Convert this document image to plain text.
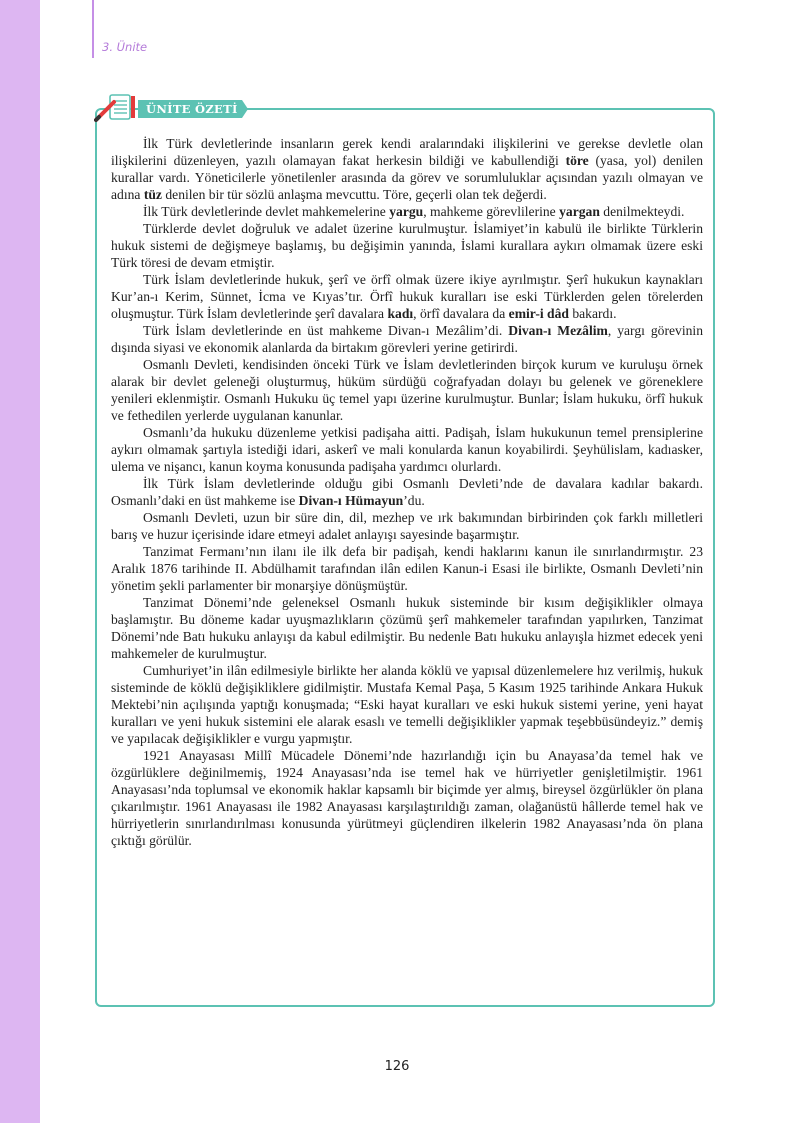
3. Ünite
ÜNİTE ÖZETİ

İlk Türk devletlerinde insanların gerek kendi aralarındaki ilişkilerini ve gerekse devletle olan ilişkilerini düzenleyen, yazılı olamayan fakat herkesin bildiği ve kabullendiği töre (yasa, yol) denilen kurallar vardı. Yöneticilerle yönetilenler arasında da görev ve sorumluluklar açısından yazılı olmayan ve adına tüz denilen bir tür sözlü anlaşma mevcuttu. Töre, geçerli olan tek değerdi.

İlk Türk devletlerinde devlet mahkemelerine yargu, mahkeme görevlilerine yargan denilmekteydi.

Türklerde devlet doğruluk ve adalet üzerine kurulmuştur. İslamiyet’in kabulü ile birlikte Türklerin hukuk sistemi de değişmeye başlamış, bu değişimin yanında, İslami kurallara aykırı olmamak üzere eski Türk töresi de devam etmiştir.

Türk İslam devletlerinde hukuk, şerî ve örfî olmak üzere ikiye ayrılmıştır. Şerî hukukun kaynakları Kur’an-ı Kerim, Sünnet, İcma ve Kıyas’tır. Örfî hukuk kuralları ise eski Türklerden gelen törelerden oluşmuştur. Türk İslam devletlerinde şerî davalara kadı, örfî davalara da emir-i dâd bakardı.

Türk İslam devletlerinde en üst mahkeme Divan-ı Mezâlim’di. Divan-ı Mezâlim, yargı görevinin dışında siyasi ve ekonomik alanlarda da birtakım görevleri yerine getirirdi.

Osmanlı Devleti, kendisinden önceki Türk ve İslam devletlerinden birçok kurum ve kuruluşu örnek alarak bir devlet geleneği oluşturmuş, hüküm sürdüğü coğrafyadan dolayı bu gelenek ve göreneklere yenileri eklenmiştir. Osmanlı Hukuku üç temel yapı üzerine kurulmuştur. Bunlar; İslam hukuku, örfî hukuk ve fethedilen yerlerde uygulanan kanunlar.

Osmanlı’da hukuku düzenleme yetkisi padişaha aitti. Padişah, İslam hukukunun temel prensiplerine aykırı olmamak şartıyla istediği idari, askerî ve mali konularda kanun koyabilirdi. Şeyhülislam, kadıasker, ulema ve nişancı, kanun koyma konusunda padişaha yardımcı olurlardı.

İlk Türk İslam devletlerinde olduğu gibi Osmanlı Devleti’nde de davalara kadılar bakardı. Osmanlı’daki en üst mahkeme ise Divan-ı Hümayun’du.

Osmanlı Devleti, uzun bir süre din, dil, mezhep ve ırk bakımından birbirinden çok farklı milletleri barış ve huzur içerisinde idare etmeyi adalet anlayışı sayesinde başarmıştır.

Tanzimat Fermanı’nın ilanı ile ilk defa bir padişah, kendi haklarını kanun ile sınırlandırmıştır. 23 Aralık 1876 tarihinde II. Abdülhamit tarafından ilân edilen Kanun-i Esasi ile birlikte, Osmanlı Devleti’nin yönetim şekli parlamenter bir monarşiye dönüşmüştür.

Tanzimat Dönemi’nde geleneksel Osmanlı hukuk sisteminde bir kısım değişiklikler olmaya başlamıştır. Bu döneme kadar uyuşmazlıkların çözümü şerî mahkemeler tarafından yapılırken, Tanzimat Dönemi’nde Batı hukuku anlayışı da kabul edilmiştir. Bu nedenle Batı hukuku anlayışla hizmet edecek yeni mahkemeler de kurulmuştur.

Cumhuriyet’in ilân edilmesiyle birlikte her alanda köklü ve yapısal düzenlemelere hız verilmiş, hukuk sisteminde de köklü değişikliklere gidilmiştir. Mustafa Kemal Paşa, 5 Kasım 1925 tarihinde Ankara Hukuk Mektebi’nin açılışında yaptığı konuşmada; “Eski hayat kuralları ve eski hukuk sistemi yerine, yeni hayat kuralları ve yeni hukuk sistemini ele alarak esaslı ve temelli değişiklikler yapmak teşebbüsündeyiz.” demiş ve yapılacak değişiklikler e vurgu yapmıştır.

1921 Anayasası Millî Mücadele Dönemi’nde hazırlandığı için bu Anayasa’da temel hak ve özgürlüklere değinilmemiş, 1924 Anayasası’nda ise temel hak ve hürriyetler genişletilmiştir. 1961 Anayasası’nda toplumsal ve ekonomik haklar kapsamlı bir biçimde yer almış, bireysel özgürlükler ön plana çıkarılmıştır. 1961 Anayasası ile 1982 Anayasası karşılaştırıldığı zaman, olağanüstü hâllerde temel hak ve hürriyetlerin sınırlandırılması konusunda yürütmeyi güçlendiren ilkelerin 1982 Anayasası’nda ön plana çıktığı görülür.

126
